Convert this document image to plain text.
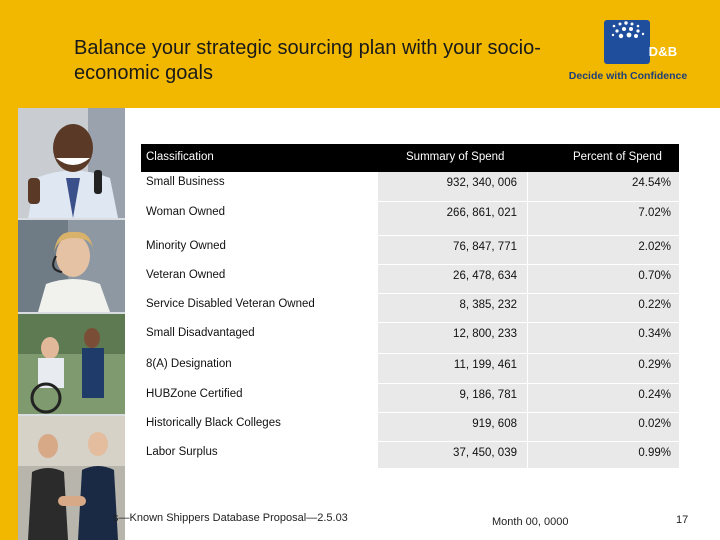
Balance your strategic sourcing plan with your socio-economic goals
D&B
Decide with Confidence
Classification	Summary of Spend	Percent of Spend
Small Business	932, 340, 006	24.54%
Woman Owned	266, 861, 021	7.02%
Minority Owned	76, 847, 771	2.02%
Veteran Owned	26, 478, 634	0.70%
Service Disabled Veteran Owned	8, 385, 232	0.22%
Small Disadvantaged	12, 800, 233	0.34%
8(A) Designation	11, 199, 461	0.29%
HUBZone Certified	9, 186, 781	0.24%
Historically Black Colleges	919, 608	0.02%
Labor Surplus	37, 450, 039	0.99%
s—Known Shippers Database Proposal—2.5.03	Month 00, 0000	17
